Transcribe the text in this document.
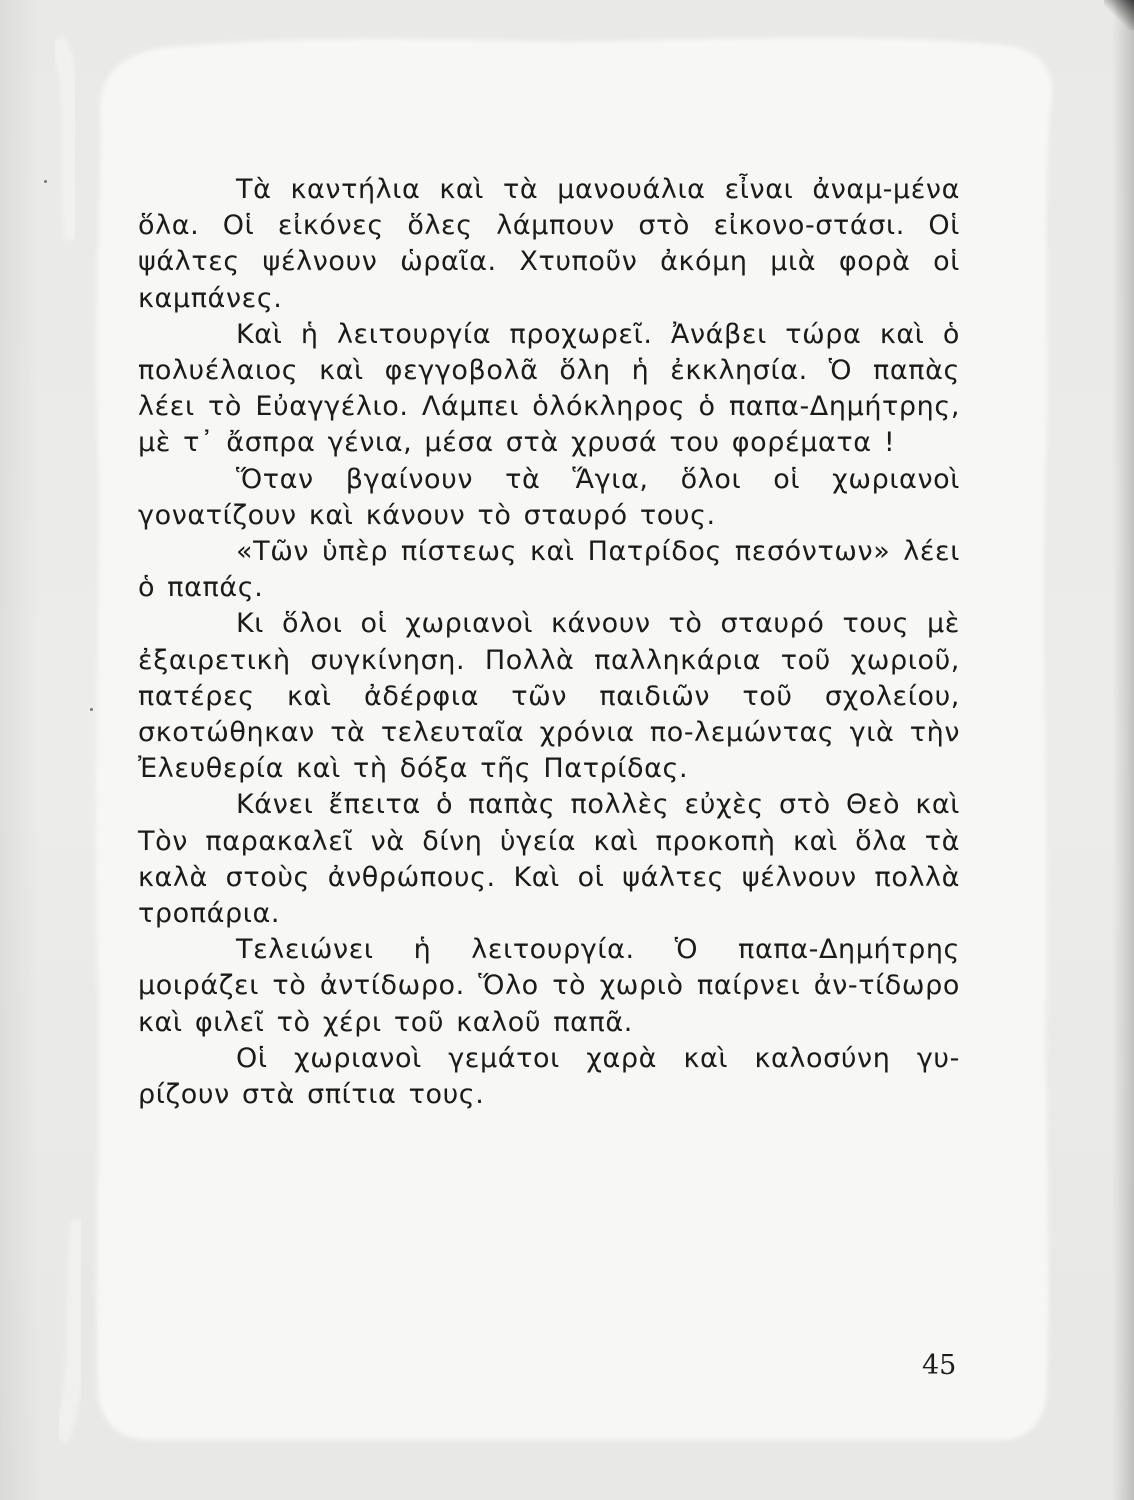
Τὰ καντήλια καὶ τὰ μανουάλια εἶναι ἀναμ-μένα ὅλα. Οἱ εἰκόνες ὅλες λάμπουν στὸ εἰκονο-στάσι. Οἱ ψάλτες ψέλνουν ὡραῖα. Χτυποῦν ἀκόμη μιὰ φορὰ οἱ καμπάνες.

Καὶ ἡ λειτουργία προχωρεῖ. Ἀνάβει τώρα καὶ ὁ πολυέλαιος καὶ φεγγοβολᾶ ὅλη ἡ ἐκκλησία. Ὁ παπὰς λέει τὸ Εὐαγγέλιο. Λάμπει ὁλόκληρος ὁ παπα-Δημήτρης, μὲ τ᾽ ἄσπρα γένια, μέσα στὰ χρυσά του φορέματα !

Ὅταν βγαίνουν τὰ Ἅγια, ὅλοι οἱ χωριανοὶ γονατίζουν καὶ κάνουν τὸ σταυρό τους.

«Τῶν ὑπὲρ πίστεως καὶ Πατρίδος πεσόντων» λέει ὁ παπάς.

Κι ὅλοι οἱ χωριανοὶ κάνουν τὸ σταυρό τους μὲ ἐξαιρετικὴ συγκίνηση. Πολλὰ παλληκάρια τοῦ χωριοῦ, πατέρες καὶ ἀδέρφια τῶν παιδιῶν τοῦ σχολείου, σκοτώθηκαν τὰ τελευταῖα χρόνια πο-λεμώντας γιὰ τὴν Ἐλευθερία καὶ τὴ δόξα τῆς Πατρίδας.

Κάνει ἔπειτα ὁ παπὰς πολλὲς εὐχὲς στὸ Θεὸ καὶ Τὸν παρακαλεῖ νὰ δίνη ὑγεία καὶ προκοπὴ καὶ ὅλα τὰ καλὰ στοὺς ἀνθρώπους. Καὶ οἱ ψάλτες ψέλνουν πολλὰ τροπάρια.

Τελειώνει ἡ λειτουργία. Ὁ παπα-Δημήτρης μοιράζει τὸ ἀντίδωρο. Ὅλο τὸ χωριὸ παίρνει ἀν-τίδωρο καὶ φιλεῖ τὸ χέρι τοῦ καλοῦ παπᾶ.

Οἱ χωριανοὶ γεμάτοι χαρὰ καὶ καλοσύνη γυ-ρίζουν στὰ σπίτια τους.

45
